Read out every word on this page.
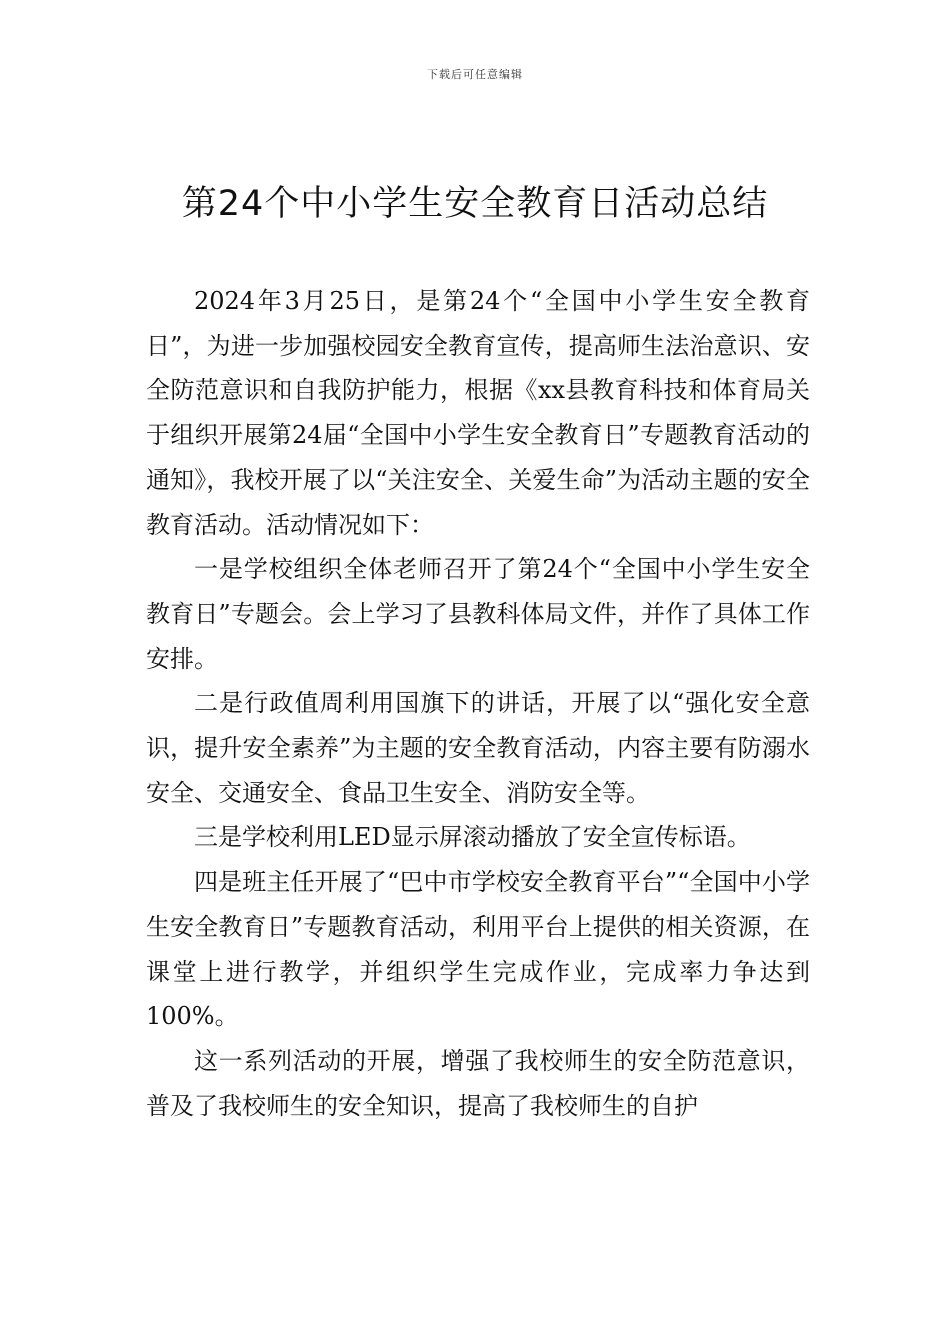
下载后可任意编辑
第24个中小学生安全教育日活动总结

2024年3月25日，是第24个“全国中小学生安全教育日”，为进一步加强校园安全教育宣传，提高师生法治意识、安全防范意识和自我防护能力，根据《xx县教育科技和体育局关于组织开展第24届“全国中小学生安全教育日”专题教育活动的通知》，我校开展了以“关注安全、关爱生命”为活动主题的安全教育活动。活动情况如下：

一是学校组织全体老师召开了第24个“全国中小学生安全教育日”专题会。会上学习了县教科体局文件，并作了具体工作安排。

二是行政值周利用国旗下的讲话，开展了以“强化安全意识，提升安全素养”为主题的安全教育活动，内容主要有防溺水安全、交通安全、食品卫生安全、消防安全等。

三是学校利用LED显示屏滚动播放了安全宣传标语。

四是班主任开展了“巴中市学校安全教育平台”“全国中小学生安全教育日”专题教育活动，利用平台上提供的相关资源，在课堂上进行教学，并组织学生完成作业，完成率力争达到100%。

这一系列活动的开展，增强了我校师生的安全防范意识，普及了我校师生的安全知识，提高了我校师生的自护
